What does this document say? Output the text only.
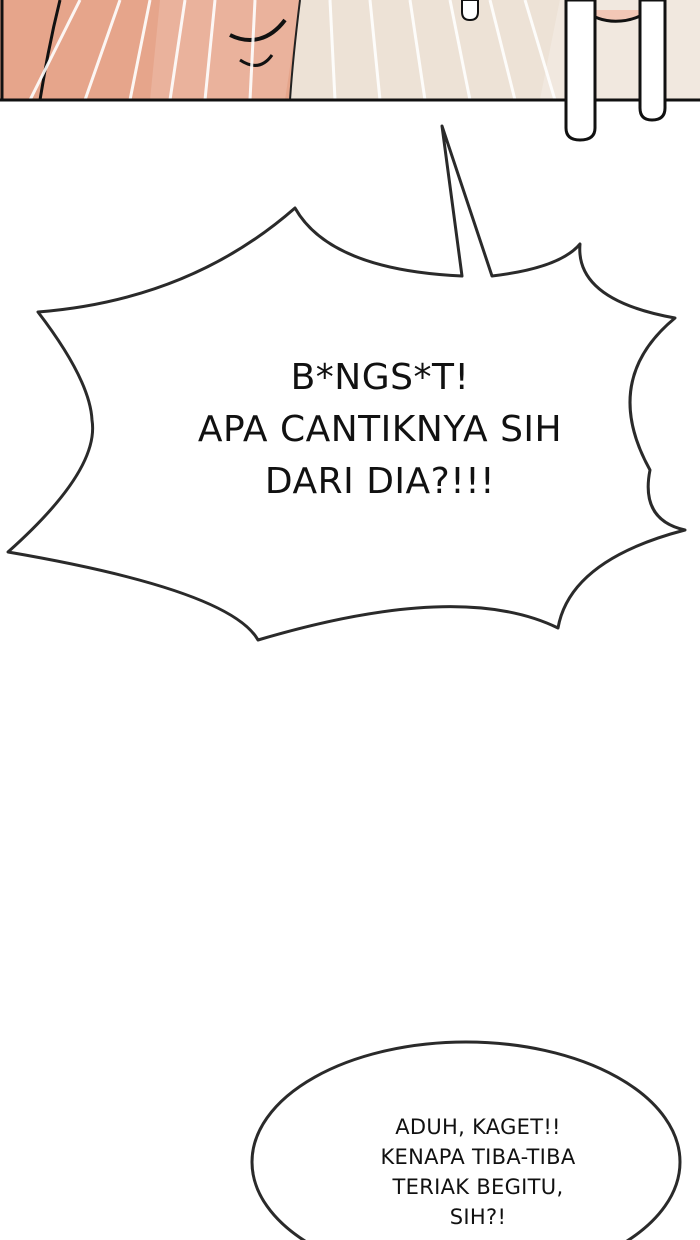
B*NGS*T!
APA CANTIKNYA SIH
DARI DIA?!!!
ADUH, KAGET!!
KENAPA TIBA-TIBA
TERIAK BEGITU,
SIH?!
